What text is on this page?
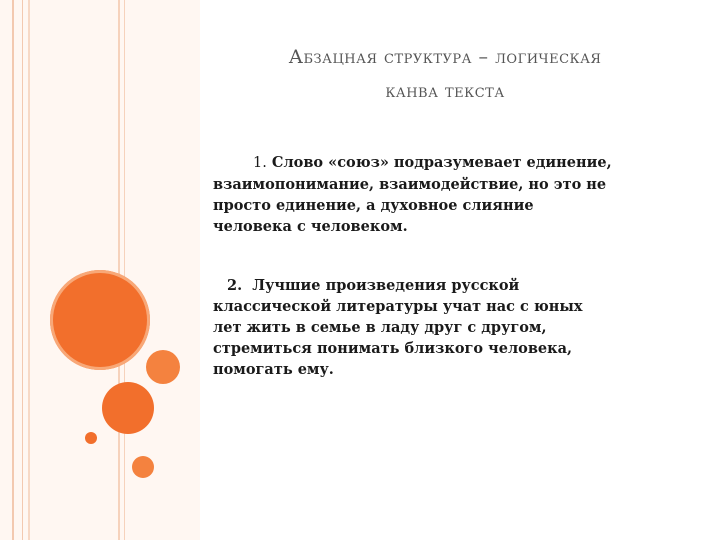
Абзацная структура – логическая
канва текста
1. Слово «союз» подразумевает единение,
взаимопонимание, взаимодействие, но это не
просто единение, а духовное слияние
человека с человеком.
2. Лучшие произведения русской
классической литературы учат нас с юных
лет жить в семье в ладу друг с другом,
стремиться понимать близкого человека,
помогать ему.
